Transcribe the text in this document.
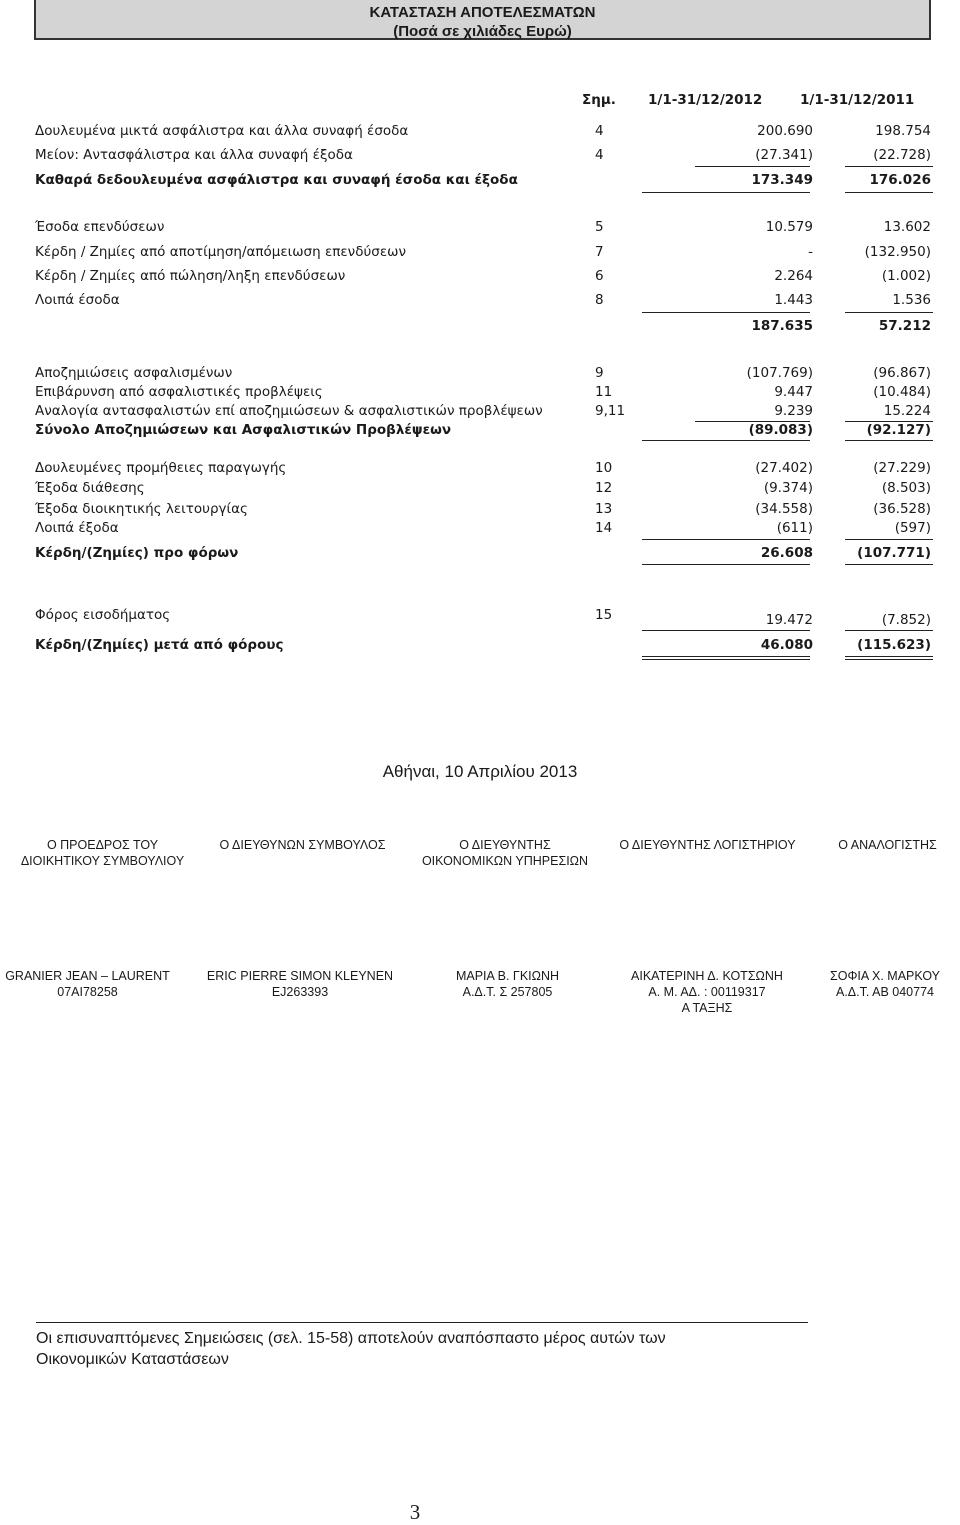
ΚΑΤΑΣΤΑΣΗ ΑΠΟΤΕΛΕΣΜΑΤΩΝ
(Ποσά σε χιλιάδες Ευρώ)
Σημ. 1/1-31/12/2012	1/1-31/12/2011
Δουλευμένα μικτά ασφάλιστρα και άλλα συναφή έσοδα	4	200.690	198.754
Μείον: Αντασφάλιστρα και άλλα συναφή έξοδα	4	(27.341)	(22.728)
Καθαρά δεδουλευμένα ασφάλιστρα και συναφή έσοδα και έξοδα	173.349	176.026
Έσοδα επενδύσεων	5	10.579	13.602
Κέρδη / Ζημίες από αποτίμηση/απόμειωση επενδύσεων	7	-	(132.950)
Κέρδη / Ζημίες από πώληση/ληξη επενδύσεων	6	2.264	(1.002)
Λοιπά έσοδα	8	1.443	1.536
187.635	57.212
Αποζημιώσεις ασφαλισμένων	9	(107.769)	(96.867)
Επιβάρυνση από ασφαλιστικές προβλέψεις	11	9.447	(10.484)
Αναλογία αντασφαλιστών επί αποζημιώσεων & ασφαλιστικών προβλέψεων	9,11	9.239	15.224
Σύνολο Αποζημιώσεων και Ασφαλιστικών Προβλέψεων	(89.083)	(92.127)
Δουλευμένες προμήθειες παραγωγής	10	(27.402)	(27.229)
Έξοδα διάθεσης	12	(9.374)	(8.503)
Έξοδα διοικητικής λειτουργίας	13	(34.558)	(36.528)
Λοιπά έξοδα	14	(611)	(597)
Κέρδη/(Ζημίες) προ φόρων	26.608	(107.771)
Φόρος εισοδήματος	15	19.472	(7.852)
Κέρδη/(Ζημίες) μετά από φόρους	46.080	(115.623)
Αθήναι, 10 Απριλίου 2013
Ο ΠΡΟΕΔΡΟΣ ΤΟΥ
ΔΙΟΙΚΗΤΙΚΟΥ ΣΥΜΒΟΥΛΙΟΥ
Ο ΔΙΕΥΘΥΝΩΝ ΣΥΜΒΟΥΛΟΣ	Ο ΔΙΕΥΘΥΝΤΗΣ
ΟΙΚΟΝΟΜΙΚΩΝ ΥΠΗΡΕΣΙΩΝ
Ο ΔΙΕΥΘΥΝΤΗΣ ΛΟΓΙΣΤΗΡΙΟΥ	Ο ΑΝΑΛΟΓΙΣΤΗΣ
GRANIER JEAN – LAURENT
07AI78258
ERIC PIERRE SIMON KLEYNEN
EJ263393
ΜΑΡΙΑ Β. ΓΚΙΩΝΗ
Α.Δ.Τ. Σ 257805
ΑΙΚΑΤΕΡΙΝΗ Δ. ΚΟΤΣΩΝΗ
Α. Μ. ΑΔ. : 00119317
Α ΤΑΞΗΣ
ΣΟΦΙΑ Χ. ΜΑΡΚΟΥ
Α.Δ.Τ. ΑΒ 040774
Οι επισυναπτόμενες Σημειώσεις (σελ. 15-58) αποτελούν αναπόσπαστο μέρος αυτών των
Οικονομικών Καταστάσεων
3
